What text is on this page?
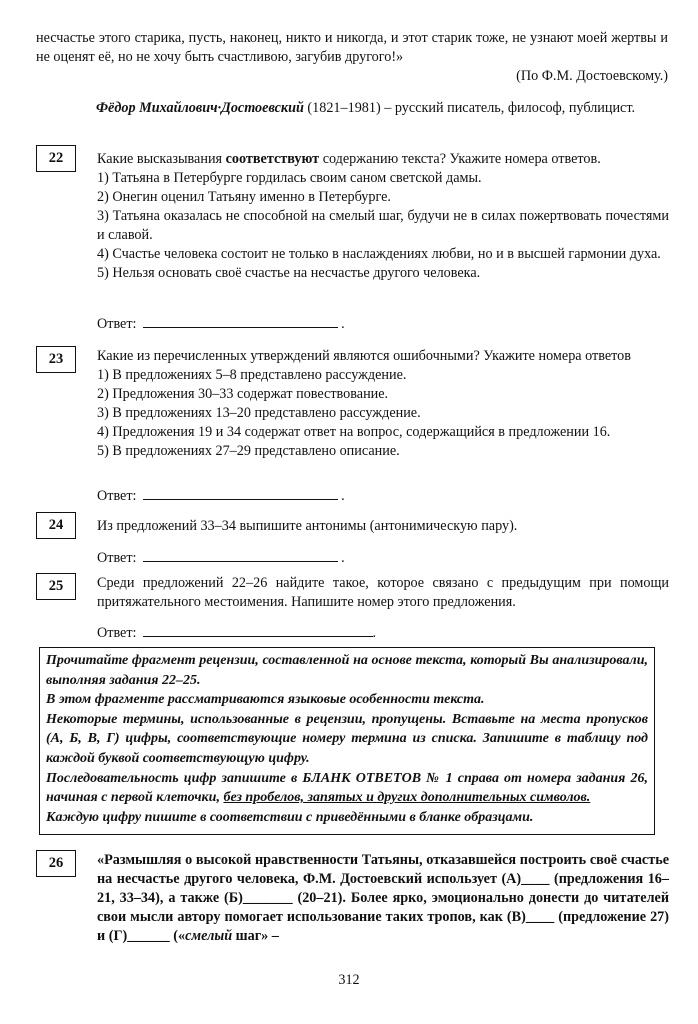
несчастье этого старика, пусть, наконец, никто и никогда, и этот старик тоже, не узнают моей жертвы и не оценят её, но не хочу быть счастливою, загубив другого!»
(По Ф.М. Достоевскому.)
Фёдор Михайлович·Достоевский (1821–1981) – русский писатель, философ, публицист.
22	Какие высказывания соответствуют содержанию текста? Укажите номера ответов.

1) Татьяна в Петербурге гордилась своим саном светской дамы.

2) Онегин оценил Татьяну именно в Петербурге.

3) Татьяна оказалась не способной на смелый шаг, будучи не в силах пожертвовать почестями и славой.

4) Счастье человека состоит не только в наслаждениях любви, но и в высшей гармонии духа.

5) Нельзя основать своё счастье на несчастье другого человека.

Ответ:	.
23	Какие из перечисленных утверждений являются ошибочными? Укажите номера ответов

1) В предложениях 5–8 представлено рассуждение.

2) Предложения 30–33 содержат повествование.

3) В предложениях 13–20 представлено рассуждение.

4) Предложения 19 и 34 содержат ответ на вопрос, содержащийся в предложении 16.

5) В предложениях 27–29 представлено описание.

Ответ:	.
24	Из предложений 33–34 выпишите антонимы (антонимическую пару).

Ответ:	.
25	Среди предложений 22–26 найдите такое, которое связано с предыдущим при помощи притяжательного местоимения. Напишите номер этого предложения.

Ответ:	.

Прочитайте фрагмент рецензии, составленной на основе текста, который Вы анализировали, выполняя задания 22–25.

В этом фрагменте рассматриваются языковые особенности текста.

Некоторые термины, использованные в рецензии, пропущены. Вставьте на места пропусков (А, Б, В, Г) цифры, соответствующие номеру термина из списка. Запишите в таблицу под каждой буквой соответствующую цифру.

Последовательность цифр запишите в БЛАНК ОТВЕТОВ № 1 справа от номера задания 26, начиная с первой клеточки, без пробелов, запятых и других дополнительных символов.

Каждую цифру пишите в соответствии с приведёнными в бланке образцами.

26	«Размышляя о высокой нравственности Татьяны, отказавшейся построить своё счастье на несчастье другого человека, Ф.М. Достоевский использует (А)____ (предложения 16–21, 33–34), а также (Б)_______ (20–21). Более ярко, эмоционально донести до читателей свои мысли автору помогает использование таких тропов, как (В)____ (предложение 27) и (Г)______ («смелый шаг» –
312
